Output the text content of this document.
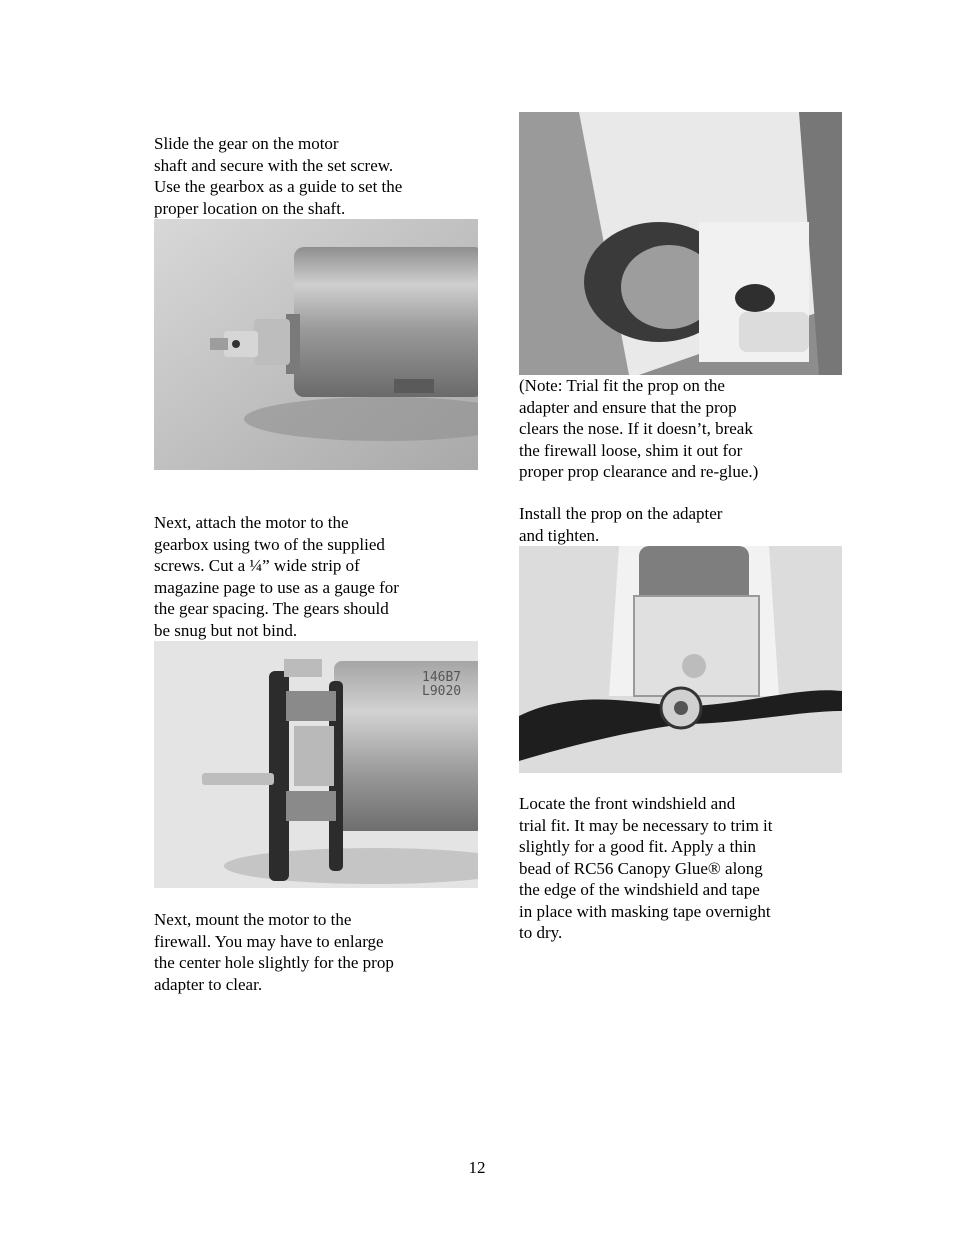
Slide the gear on the motor
shaft and secure with the set screw.
Use the gearbox as a guide to set the
proper location on the shaft.

Next, attach the motor to the
gearbox using two of the supplied
screws. Cut a ¼” wide strip of
magazine page to use as a gauge for
the gear spacing. The gears should
be snug but not bind.

146B7 L9020

Next, mount the motor to the
firewall. You may have to enlarge
the center hole slightly for the prop
adapter to clear.

(Note: Trial fit the prop on the
adapter and ensure that the prop
clears the nose. If it doesn’t, break
the firewall loose, shim it out for
proper prop clearance and re-glue.)

Install the prop on the adapter
and tighten.

Locate the front windshield and
trial fit. It may be necessary to trim it
slightly for a good fit. Apply a thin
bead of RC56 Canopy Glue® along
the edge of the windshield and tape
in place with masking tape overnight
to dry.

12
